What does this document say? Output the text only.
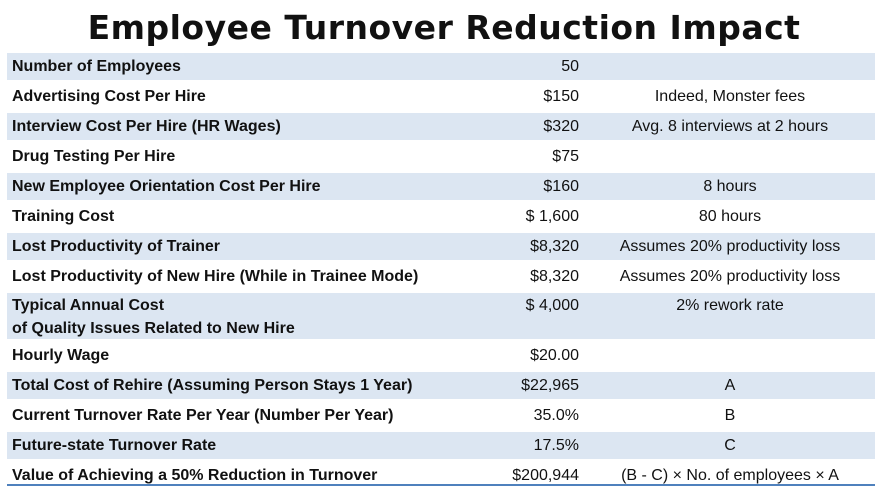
Employee Turnover Reduction Impact
Number of Employees	50	
Advertising Cost Per Hire	$150	Indeed, Monster fees
Interview Cost Per Hire (HR Wages)	$320	Avg. 8 interviews at 2 hours
Drug Testing Per Hire	$75	
New Employee Orientation Cost Per Hire	$160	8 hours
Training Cost	$ 1,600	80 hours
Lost Productivity of Trainer	$8,320	Assumes 20% productivity loss
Lost Productivity of New Hire (While in Trainee Mode)	$8,320	Assumes 20% productivity loss

Typical Annual Cost
of Quality Issues Related to New Hire	$ 4,000	2% rework rate
Hourly Wage	$20.00	
Total Cost of Rehire (Assuming Person Stays 1 Year)	$22,965	A
Current Turnover Rate Per Year (Number Per Year)	35.0%	B
Future-state Turnover Rate	17.5%	C
Value of Achieving a 50% Reduction in Turnover	$200,944	(B - C) × No. of employees × A
